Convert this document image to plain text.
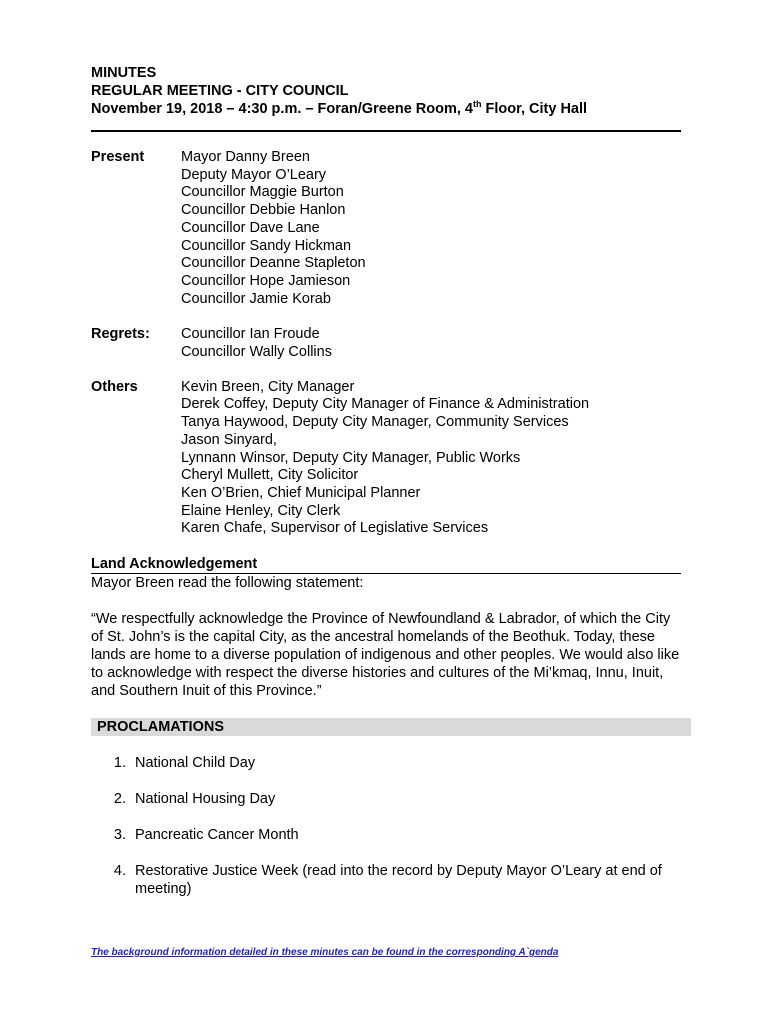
MINUTES
REGULAR MEETING - CITY COUNCIL
November 19, 2018 – 4:30 p.m. – Foran/Greene Room, 4th Floor, City Hall
Present	Mayor Danny Breen
Deputy Mayor O’Leary
Councillor Maggie Burton
Councillor Debbie Hanlon
Councillor Dave Lane
Councillor Sandy Hickman
Councillor Deanne Stapleton
Councillor Hope Jamieson
Councillor Jamie Korab
Regrets:	Councillor Ian Froude
Councillor Wally Collins
Others	Kevin Breen, City Manager
Derek Coffey, Deputy City Manager of Finance & Administration
Tanya Haywood, Deputy City Manager, Community Services
Jason Sinyard,
Lynnann Winsor, Deputy City Manager, Public Works
Cheryl Mullett, City Solicitor
Ken O’Brien, Chief Municipal Planner
Elaine Henley, City Clerk
Karen Chafe, Supervisor of Legislative Services
Land Acknowledgement
Mayor Breen read the following statement:
“We respectfully acknowledge the Province of Newfoundland & Labrador, of which the City of St. John’s is the capital City, as the ancestral homelands of the Beothuk. Today, these lands are home to a diverse population of indigenous and other peoples. We would also like to acknowledge with respect the diverse histories and cultures of the Mi’kmaq, Innu, Inuit, and Southern Inuit of this Province.”
PROCLAMATIONS
1. National Child Day
2. National Housing Day
3. Pancreatic Cancer Month
4. Restorative Justice Week (read into the record by Deputy Mayor O’Leary at end of meeting)
The background information detailed in these minutes can be found in the corresponding A`genda
